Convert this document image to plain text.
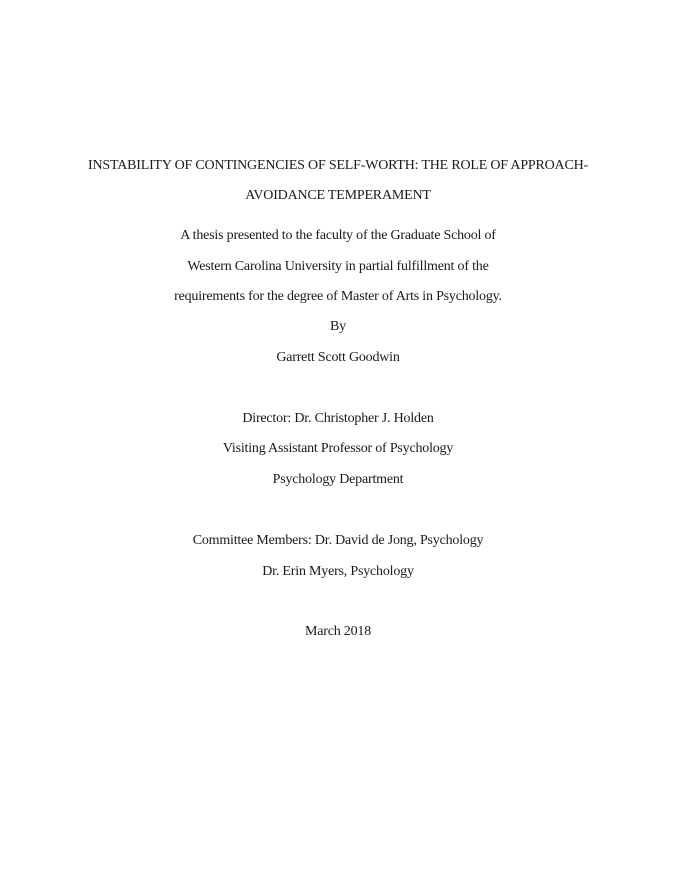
INSTABILITY OF CONTINGENCIES OF SELF-WORTH: THE ROLE OF APPROACH-
AVOIDANCE TEMPERAMENT
A thesis presented to the faculty of the Graduate School of
Western Carolina University in partial fulfillment of the
requirements for the degree of Master of Arts in Psychology.
By
Garrett Scott Goodwin
Director: Dr. Christopher J. Holden
Visiting Assistant Professor of Psychology
Psychology Department
Committee Members: Dr. David de Jong, Psychology
Dr. Erin Myers, Psychology
March 2018
